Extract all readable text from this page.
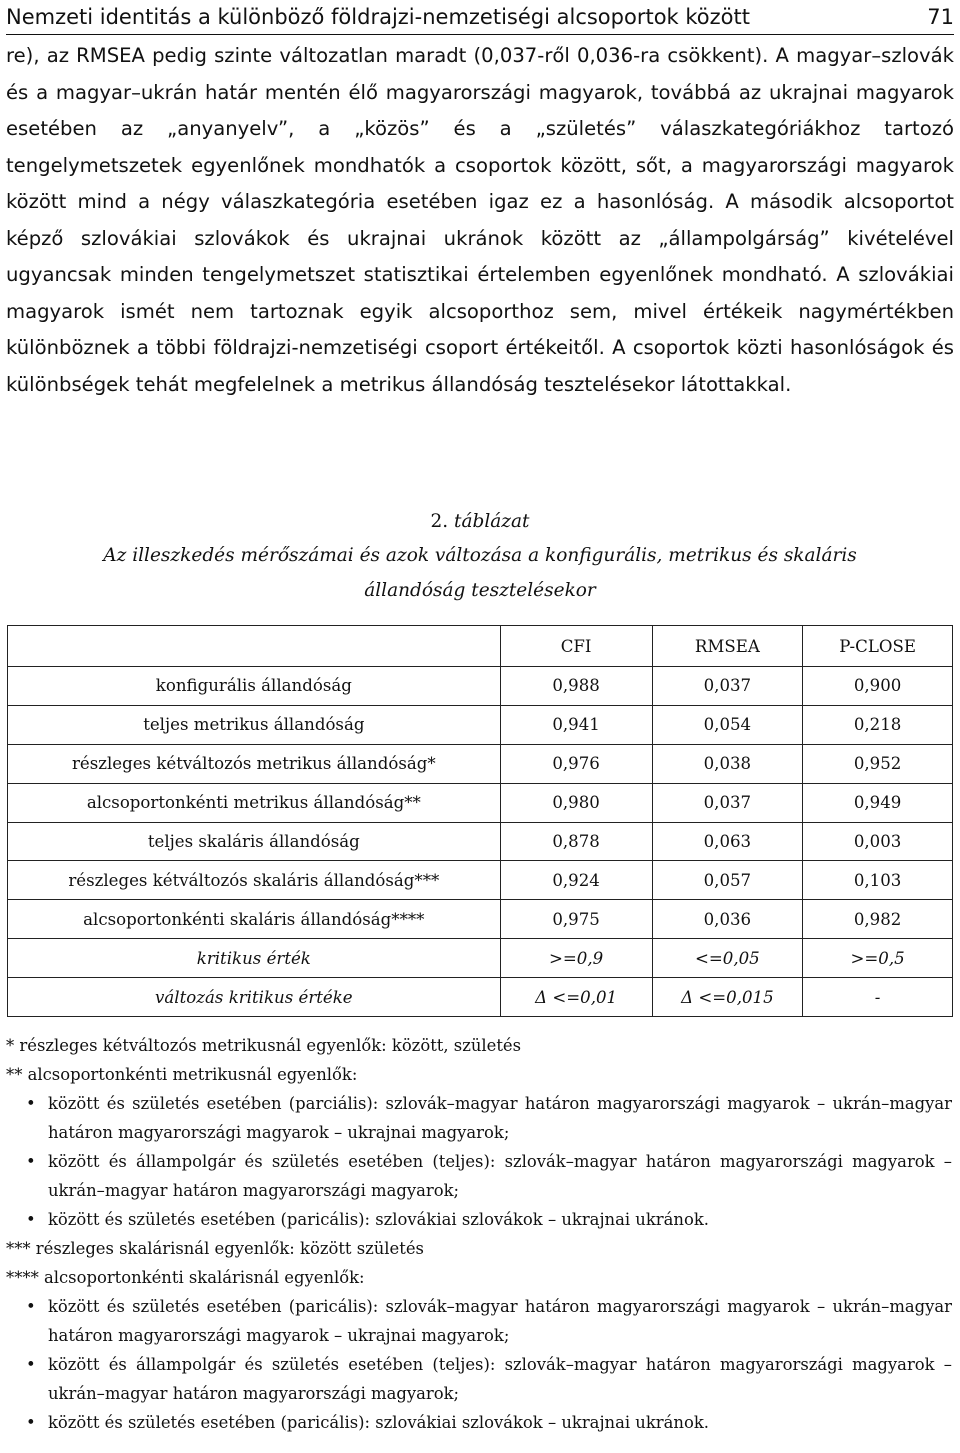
Nemzeti identitás a különböző földrajzi-nemzetiségi alcsoportok között	71

re), az RMSEA pedig szinte változatlan maradt (0,037-ről 0,036-ra csökkent). A magyar–szlovák és a magyar–ukrán határ mentén élő magyarországi magyarok, továbbá az ukrajnai magyarok esetében az „anyanyelv”, a „közös” és a „születés” válaszkategóriákhoz tartozó tengelymetszetek egyenlőnek mondhatók a csoportok között, sőt, a magyarországi magyarok között mind a négy válaszkategória esetében igaz ez a hasonlóság. A második alcsoportot képző szlovákiai szlovákok és ukrajnai ukránok között az „állampolgárság” kivételével ugyancsak minden tengelymetszet statisztikai értelemben egyenlőnek mondható. A szlovákiai magyarok ismét nem tartoznak egyik alcsoporthoz sem, mivel értékeik nagymértékben különböznek a többi földrajzi-nemzetiségi csoport értékeitől. A csoportok közti hasonlóságok és különbségek tehát megfelelnek a metrikus állandóság tesztelésekor látottakkal.

2. táblázat
Az illeszkedés mérőszámai és azok változása a konfigurális, metrikus és skaláris
állandóság tesztelésekor
	CFI	RMSEA	P-CLOSE
konfigurális állandóság	0,988	0,037	0,900
teljes metrikus állandóság	0,941	0,054	0,218
részleges kétváltozós metrikus állandóság*	0,976	0,038	0,952
alcsoportonkénti metrikus állandóság**	0,980	0,037	0,949
teljes skaláris állandóság	0,878	0,063	0,003
részleges kétváltozós skaláris állandóság***	0,924	0,057	0,103
alcsoportonkénti skaláris állandóság****	0,975	0,036	0,982
kritikus érték	>=0,9	<=0,05	>=0,5
változás kritikus értéke	Δ <=0,01	Δ <=0,015	-
* részleges kétváltozós metrikusnál egyenlők: között, születés
** alcsoportonkénti metrikusnál egyenlők:
• között és születés esetében (parciális): szlovák–magyar határon magyarországi magyarok – ukrán–magyar határon magyarországi magyarok – ukrajnai magyarok;
• között és állampolgár és születés esetében (teljes): szlovák–magyar határon magyarországi magyarok – ukrán–magyar határon magyarországi magyarok;
• között és születés esetében (paricális): szlovákiai szlovákok – ukrajnai ukránok.
*** részleges skalárisnál egyenlők: között születés
**** alcsoportonkénti skalárisnál egyenlők:
• között és születés esetében (paricális): szlovák–magyar határon magyarországi magyarok – ukrán–magyar határon magyarországi magyarok – ukrajnai magyarok;
• között és állampolgár és születés esetében (teljes): szlovák–magyar határon magyarországi magyarok – ukrán–magyar határon magyarországi magyarok;
• között és születés esetében (paricális): szlovákiai szlovákok – ukrajnai ukránok.
